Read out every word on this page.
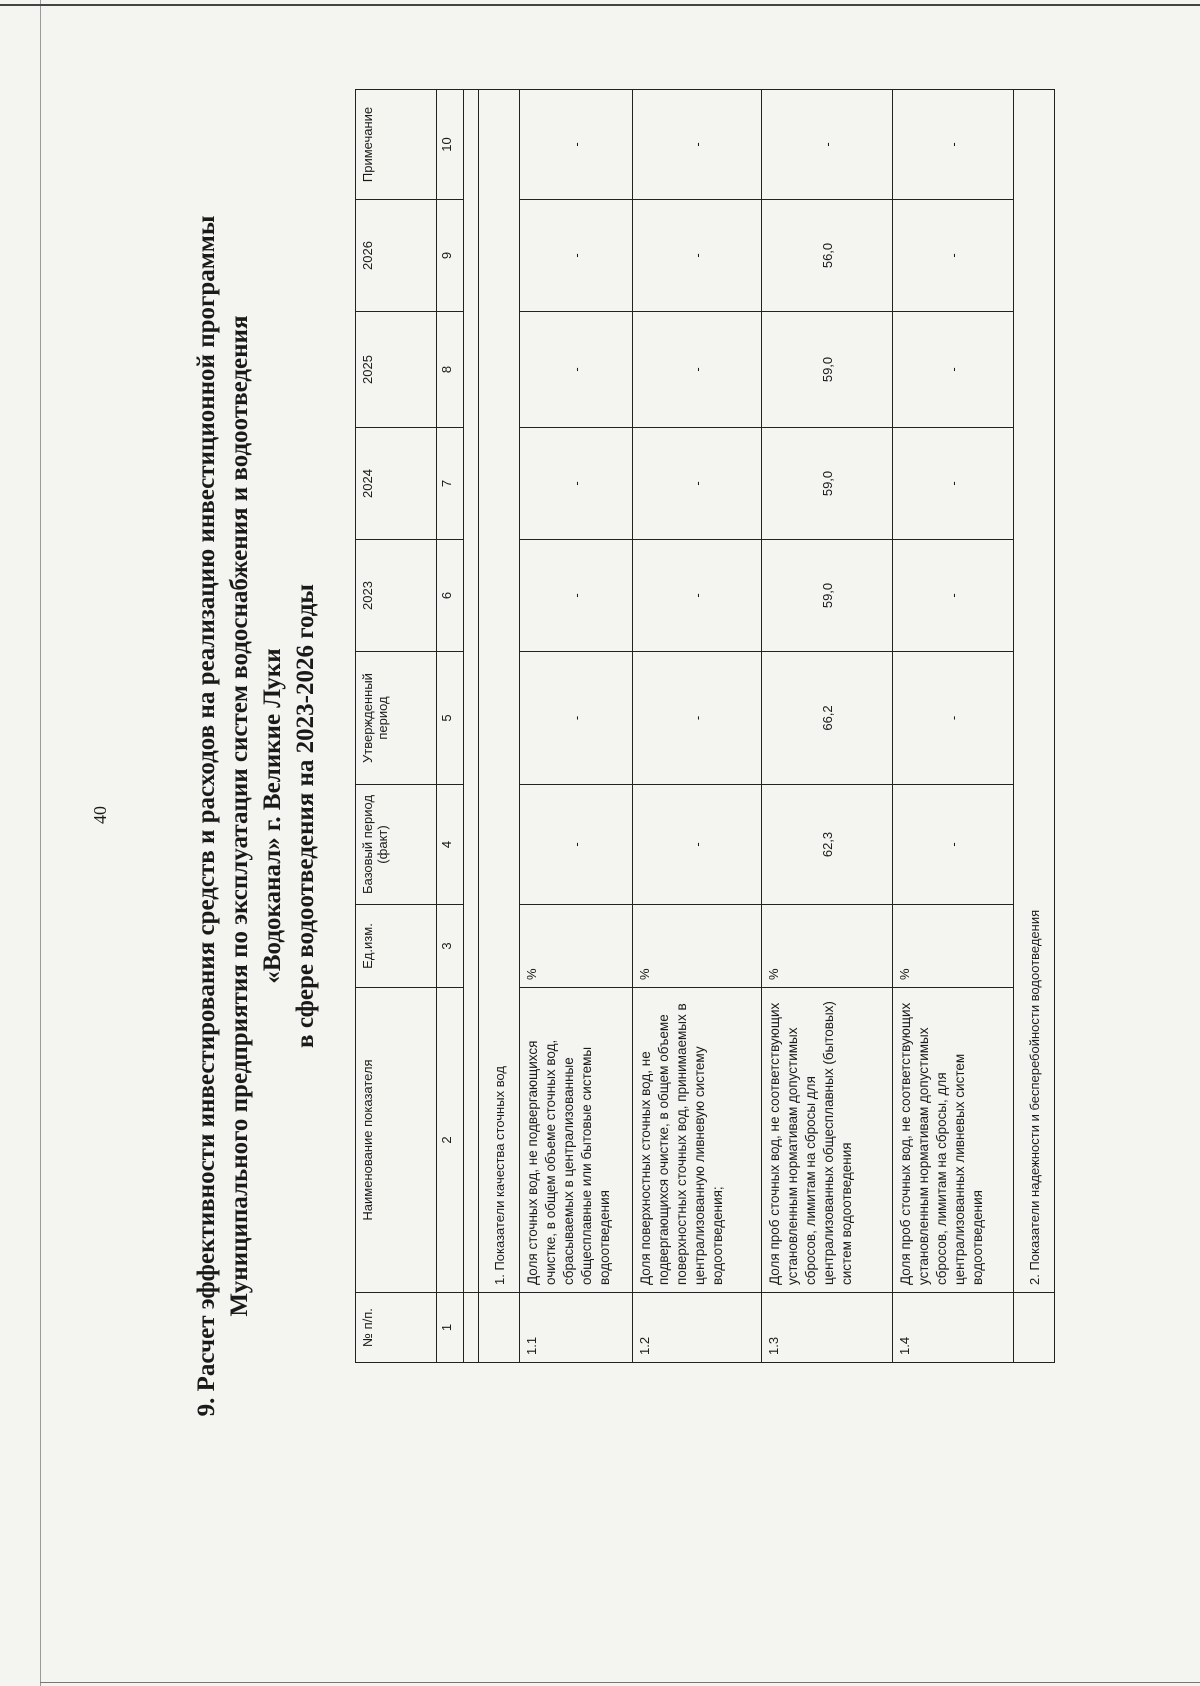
40	9. Расчет эффективности инвестирования средств и расходов на реализацию инвестиционной программы Муниципального предприятия по эксплуатации систем водоснабжения и водоотведения «Водоканал» г. Великие Луки в сфере водоотведения на 2023-2026 годы
№ п/п.	Наименование показателя	Ед.изм.	Базовый период (факт)	Утвержденный период	2023	2024	2025	2026	Примечание
1	2	3	4	5	6	7	8	9	10

	1. Показатели качества сточных вод								
1.1	Доля сточных вод, не подвергающихся очистке, в общем объеме сточных вод, сбрасываемых в централизованные общесплавные или бытовые системы водоотведения	%	-	-	-	-	-	-	-
1.2	Доля поверхностных сточных вод, не подвергающихся очистке, в общем объеме поверхностных сточных вод, принимаемых в централизованную ливневую систему водоотведения;	%	-	-	-	-	-	-	-
1.3	Доля проб сточных вод, не соответствующих установленным нормативам допустимых сбросов, лимитам на сбросы для централизованных общесплавных (бытовых) систем водоотведения	%	62,3	66,2	59,0	59,0	59,0	56,0	-
1.4	Доля проб сточных вод, не соответствующих установленным нормативам допустимых сбросов, лимитам на сбросы, для централизованных ливневых систем водоотведения	%	-	-	-	-	-	-	-
	2. Показатели надежности и бесперебойности водоотведения								
